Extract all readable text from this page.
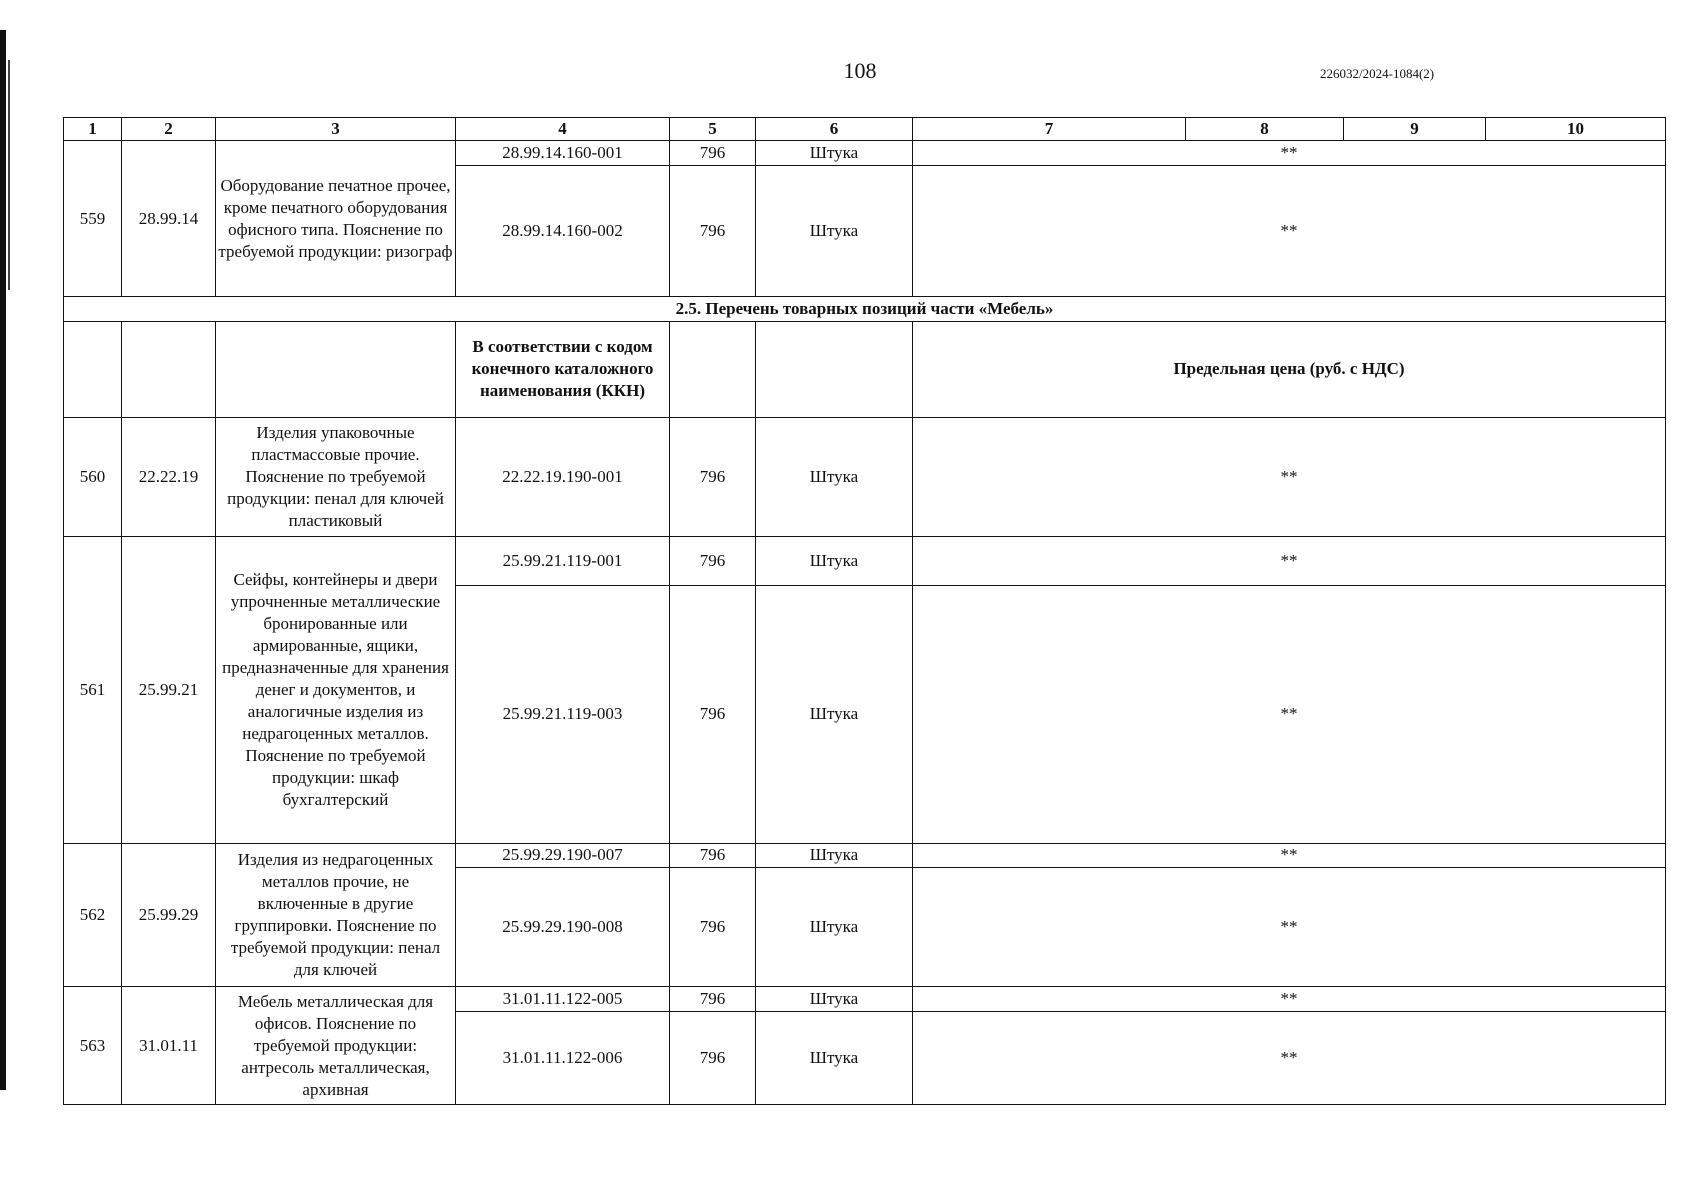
108	226032/2024-1084(2)
1	2	3	4	5	6	7	8	9	10
559	28.99.14	Оборудование печатное прочее, кроме печатного оборудования офисного типа. Пояснение по требуемой продукции: ризограф	28.99.14.160-001	796	Штука	**			
			28.99.14.160-002	796	Штука	**			
2.5. Перечень товарных позиций части «Мебель»									
			В соответствии с кодом конечного каталожного наименования (ККН)			Предельная цена (руб. с НДС)			
560	22.22.19	Изделия упаковочные пластмассовые прочие. Пояснение по требуемой продукции: пенал для ключей пластиковый	22.22.19.190-001	796	Штука	**			
561	25.99.21	Сейфы, контейнеры и двери упрочненные металлические бронированные или армированные, ящики, предназначенные для хранения денег и документов, и аналогичные изделия из недрагоценных металлов. Пояснение по требуемой продукции: шкаф бухгалтерский	25.99.21.119-001	796	Штука	**			
			25.99.21.119-003	796	Штука	**			
562	25.99.29	Изделия из недрагоценных металлов прочие, не включенные в другие группировки. Пояснение по требуемой продукции: пенал для ключей	25.99.29.190-007	796	Штука	**			
			25.99.29.190-008	796	Штука	**			
563	31.01.11	Мебель металлическая для офисов. Пояснение по требуемой продукции: антресоль металлическая, архивная	31.01.11.122-005	796	Штука	**			
			31.01.11.122-006	796	Штука	**			
